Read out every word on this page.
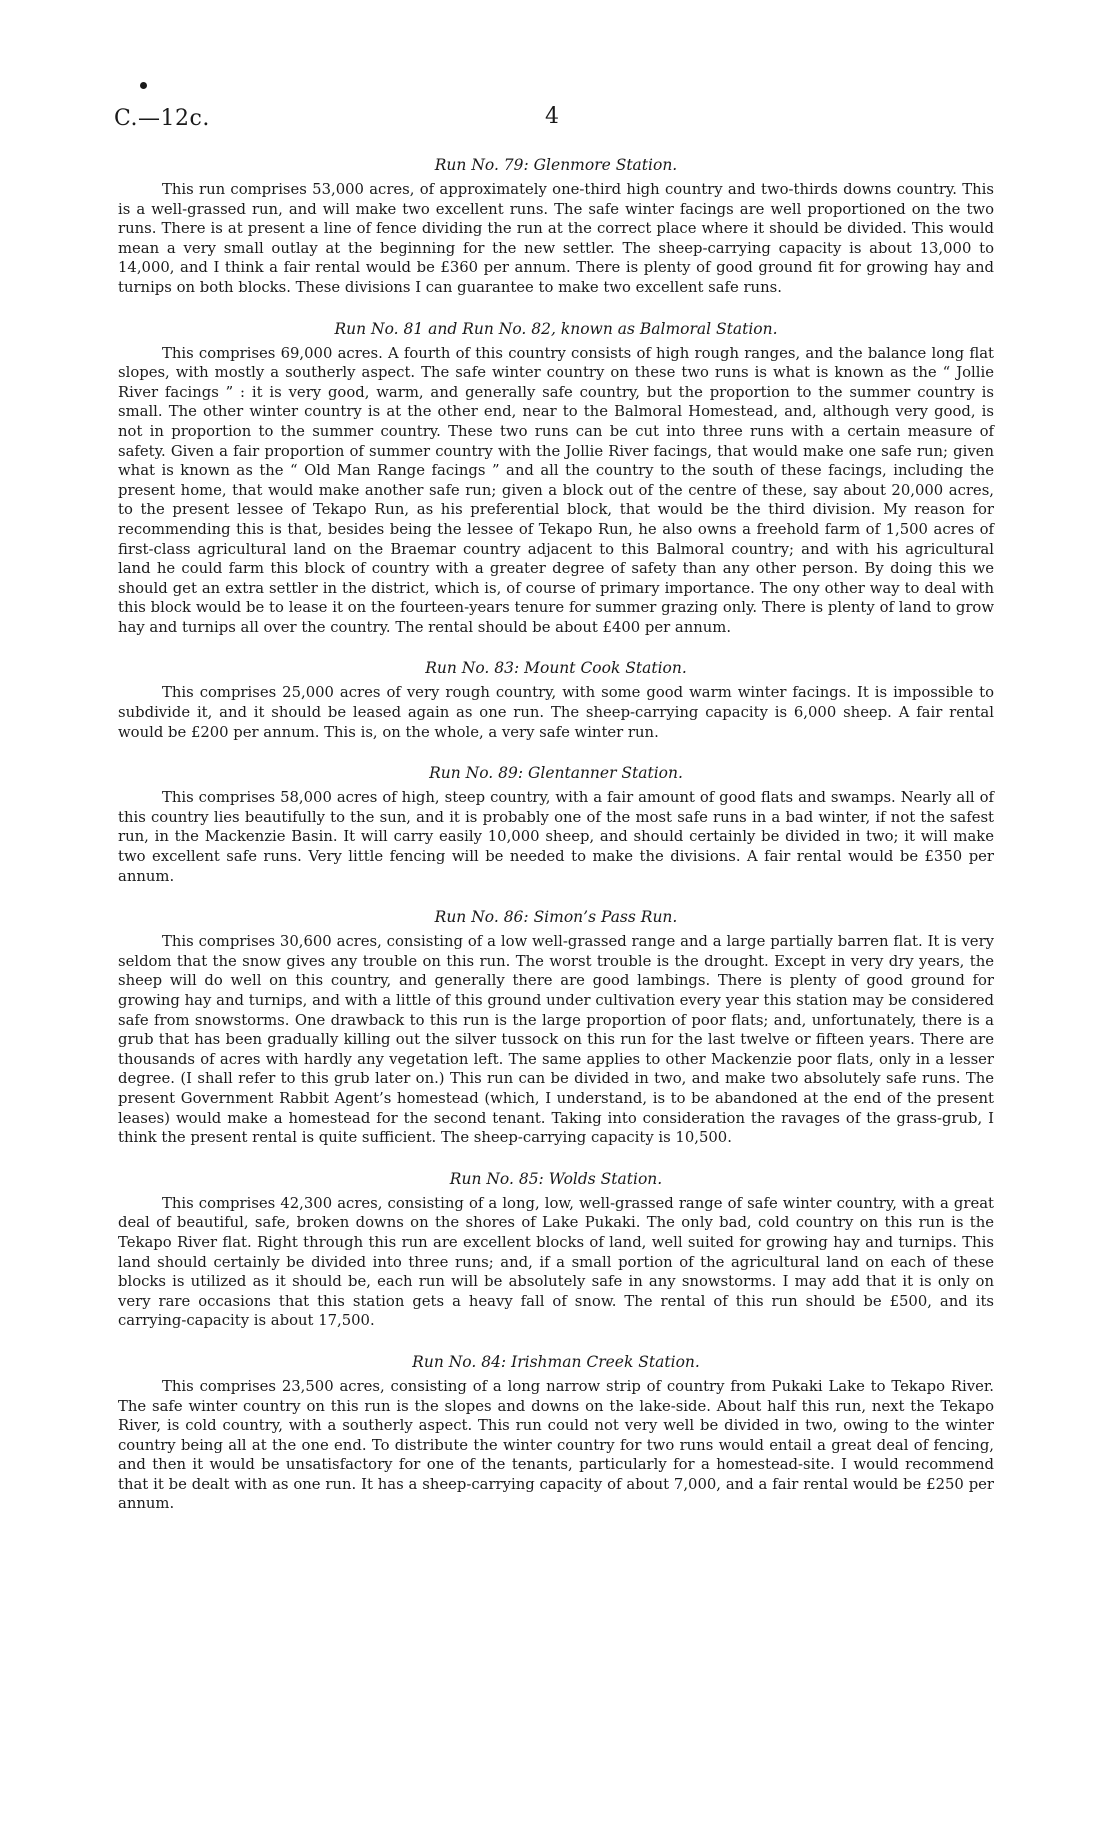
C.—12c.	4
Run No. 79: Glenmore Station.

This run comprises 53,000 acres, of approximately one-third high country and two-thirds downs country. This is a well-grassed run, and will make two excellent runs. The safe winter facings are well proportioned on the two runs. There is at present a line of fence dividing the run at the correct place where it should be divided. This would mean a very small outlay at the beginning for the new settler. The sheep-carrying capacity is about 13,000 to 14,000, and I think a fair rental would be £360 per annum. There is plenty of good ground fit for growing hay and turnips on both blocks. These divisions I can guarantee to make two excellent safe runs.

Run No. 81 and Run No. 82, known as Balmoral Station.

This comprises 69,000 acres. A fourth of this country consists of high rough ranges, and the balance long flat slopes, with mostly a southerly aspect. The safe winter country on these two runs is what is known as the “ Jollie River facings ” : it is very good, warm, and generally safe country, but the proportion to the summer country is small. The other winter country is at the other end, near to the Balmoral Homestead, and, although very good, is not in proportion to the summer country. These two runs can be cut into three runs with a certain measure of safety. Given a fair proportion of summer country with the Jollie River facings, that would make one safe run; given what is known as the “ Old Man Range facings ” and all the country to the south of these facings, including the present home, that would make another safe run; given a block out of the centre of these, say about 20,000 acres, to the present lessee of Tekapo Run, as his preferential block, that would be the third division. My reason for recommending this is that, besides being the lessee of Tekapo Run, he also owns a freehold farm of 1,500 acres of first-class agricultural land on the Braemar country adjacent to this Balmoral country; and with his agricultural land he could farm this block of country with a greater degree of safety than any other person. By doing this we should get an extra settler in the district, which is, of course of primary importance. The ony other way to deal with this block would be to lease it on the fourteen-years tenure for summer grazing only. There is plenty of land to grow hay and turnips all over the country. The rental should be about £400 per annum.

Run No. 83: Mount Cook Station.

This comprises 25,000 acres of very rough country, with some good warm winter facings. It is impossible to subdivide it, and it should be leased again as one run. The sheep-carrying capacity is 6,000 sheep. A fair rental would be £200 per annum. This is, on the whole, a very safe winter run.

Run No. 89: Glentanner Station.

This comprises 58,000 acres of high, steep country, with a fair amount of good flats and swamps. Nearly all of this country lies beautifully to the sun, and it is probably one of the most safe runs in a bad winter, if not the safest run, in the Mackenzie Basin. It will carry easily 10,000 sheep, and should certainly be divided in two; it will make two excellent safe runs. Very little fencing will be needed to make the divisions. A fair rental would be £350 per annum.

Run No. 86: Simon’s Pass Run.

This comprises 30,600 acres, consisting of a low well-grassed range and a large partially barren flat. It is very seldom that the snow gives any trouble on this run. The worst trouble is the drought. Except in very dry years, the sheep will do well on this country, and generally there are good lambings. There is plenty of good ground for growing hay and turnips, and with a little of this ground under cultivation every year this station may be considered safe from snowstorms. One drawback to this run is the large proportion of poor flats; and, unfortunately, there is a grub that has been gradually killing out the silver tussock on this run for the last twelve or fifteen years. There are thousands of acres with hardly any vegetation left. The same applies to other Mackenzie poor flats, only in a lesser degree. (I shall refer to this grub later on.) This run can be divided in two, and make two absolutely safe runs. The present Government Rabbit Agent’s homestead (which, I understand, is to be abandoned at the end of the present leases) would make a homestead for the second tenant. Taking into consideration the ravages of the grass-grub, I think the present rental is quite sufficient. The sheep-carrying capacity is 10,500.

Run No. 85: Wolds Station.

This comprises 42,300 acres, consisting of a long, low, well-grassed range of safe winter country, with a great deal of beautiful, safe, broken downs on the shores of Lake Pukaki. The only bad, cold country on this run is the Tekapo River flat. Right through this run are excellent blocks of land, well suited for growing hay and turnips. This land should certainly be divided into three runs; and, if a small portion of the agricultural land on each of these blocks is utilized as it should be, each run will be absolutely safe in any snowstorms. I may add that it is only on very rare occasions that this station gets a heavy fall of snow. The rental of this run should be £500, and its carrying-capacity is about 17,500.

Run No. 84: Irishman Creek Station.

This comprises 23,500 acres, consisting of a long narrow strip of country from Pukaki Lake to Tekapo River. The safe winter country on this run is the slopes and downs on the lake-side. About half this run, next the Tekapo River, is cold country, with a southerly aspect. This run could not very well be divided in two, owing to the winter country being all at the one end. To distribute the winter country for two runs would entail a great deal of fencing, and then it would be unsatisfactory for one of the tenants, particularly for a homestead-site. I would recommend that it be dealt with as one run. It has a sheep-carrying capacity of about 7,000, and a fair rental would be £250 per annum.
